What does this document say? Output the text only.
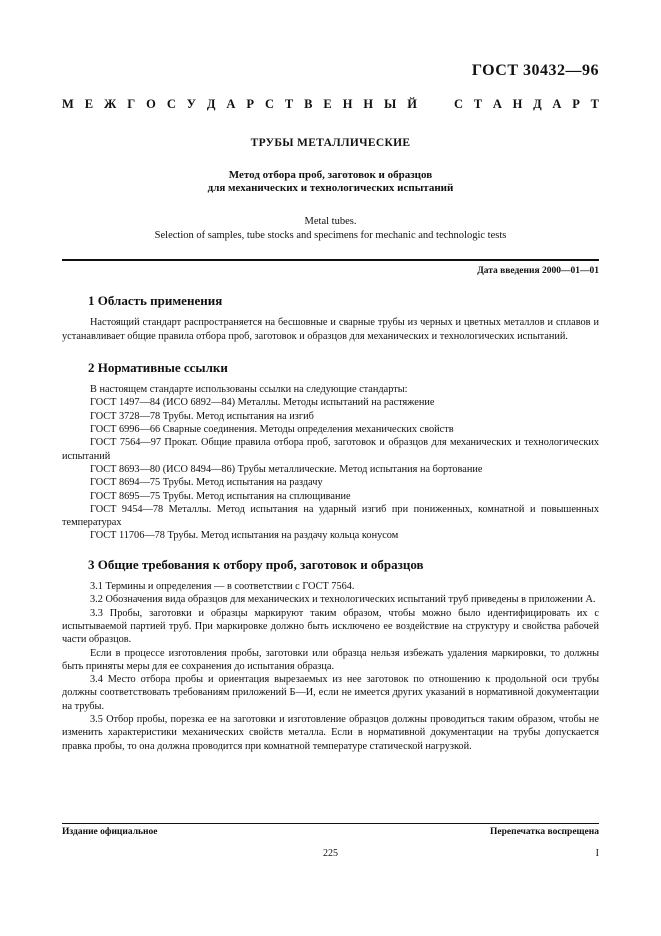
ГОСТ 30432—96
М Е Ж Г О С У Д А Р С Т В Е Н Н Ы Й	С Т А Н Д А Р Т
ТРУБЫ МЕТАЛЛИЧЕСКИЕ
Метод отбора проб, заготовок и образцов
для механических и технологических испытаний
Metal tubes.
Selection of samples, tube stocks and specimens for mechanic and technologic tests
Дата введения 2000—01—01
1 Область применения

Настоящий стандарт распространяется на бесшовные и сварные трубы из черных и цветных металлов и сплавов и устанавливает общие правила отбора проб, заготовок и образцов для механических и технологических испытаний.

2 Нормативные ссылки

В настоящем стандарте использованы ссылки на следующие стандарты:

ГОСТ 1497—84 (ИСО 6892—84) Металлы. Методы испытаний на растяжение

ГОСТ 3728—78 Трубы. Метод испытания на изгиб

ГОСТ 6996—66 Сварные соединения. Методы определения механических свойств

ГОСТ 7564—97 Прокат. Общие правила отбора проб, заготовок и образцов для механических и технологических испытаний

ГОСТ 8693—80 (ИСО 8494—86) Трубы металлические. Метод испытания на бортование

ГОСТ 8694—75 Трубы. Метод испытания на раздачу

ГОСТ 8695—75 Трубы. Метод испытания на сплющивание

ГОСТ 9454—78 Металлы. Метод испытания на ударный изгиб при пониженных, комнатной и повышенных температурах

ГОСТ 11706—78 Трубы. Метод испытания на раздачу кольца конусом

3 Общие требования к отбору проб, заготовок и образцов

3.1 Термины и определения — в соответствии с ГОСТ 7564.

3.2 Обозначения вида образцов для механических и технологических испытаний труб приведены в приложении А.

3.3 Пробы, заготовки и образцы маркируют таким образом, чтобы можно было идентифицировать их с испытываемой партией труб. При маркировке должно быть исключено ее воздействие на структуру и свойства рабочей части образцов.

Если в процессе изготовления пробы, заготовки или образца нельзя избежать удаления маркировки, то должны быть приняты меры для ее сохранения до испытания образца.

3.4 Место отбора пробы и ориентация вырезаемых из нее заготовок по отношению к продольной оси трубы должны соответствовать требованиям приложений Б—И, если не имеется других указаний в нормативной документации на трубы.

3.5 Отбор пробы, порезка ее на заготовки и изготовление образцов должны проводиться таким образом, чтобы не изменить характеристики механических свойств металла. Если в нормативной документации на трубы допускается правка пробы, то она должна проводится при комнатной температуре статической нагрузкой.

Издание официальное	Перепечатка воспрещена
225	I
